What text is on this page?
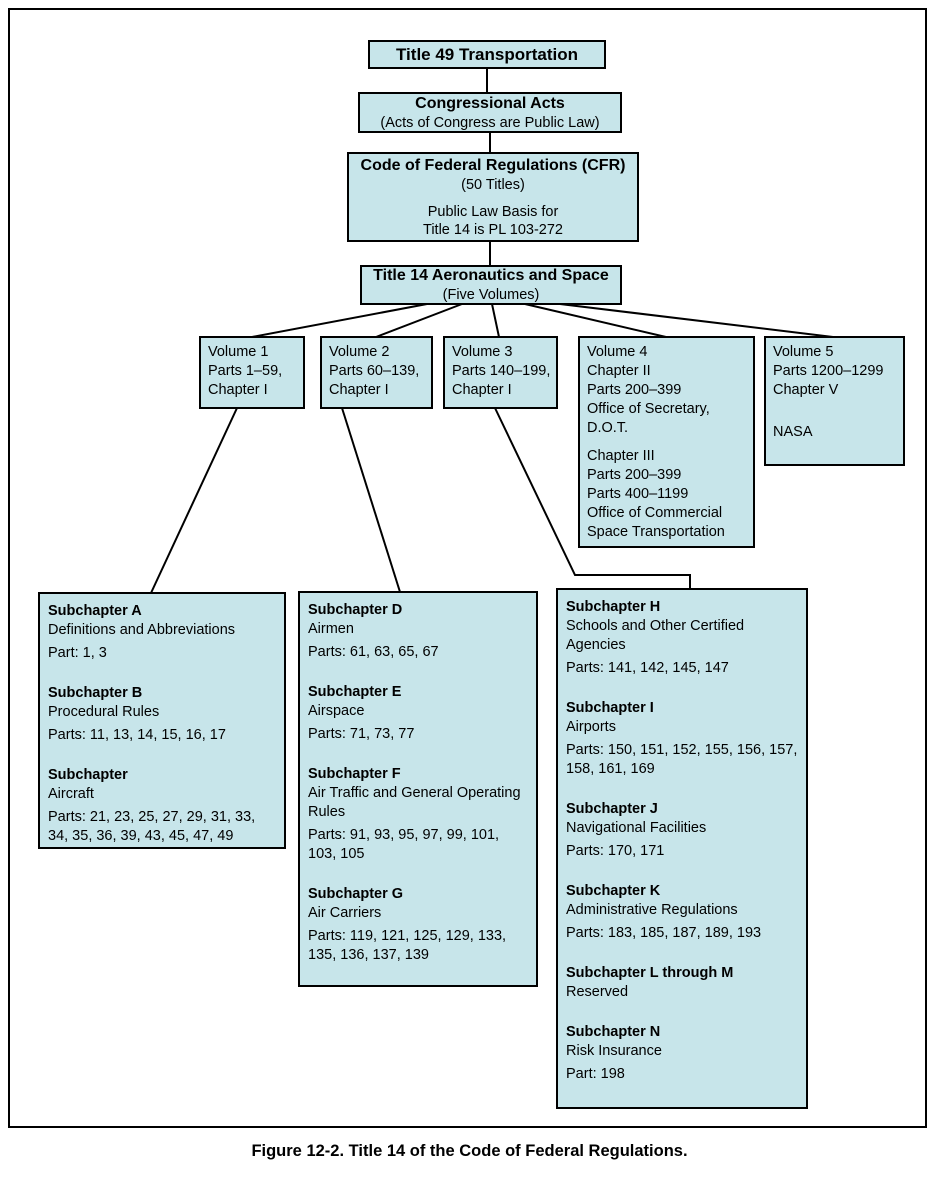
Title 49 Transportation
Congressional Acts
(Acts of Congress are Public Law)
Code of Federal Regulations (CFR)
(50 Titles)
Public Law Basis for
Title 14 is PL 103-272
Title 14 Aeronautics and Space
(Five Volumes)
Volume 1
Parts 1–59,
Chapter I
Volume 2
Parts 60–139,
Chapter I
Volume 3
Parts 140–199,
Chapter I
Volume 4
Chapter II
Parts 200–399
Office of Secretary,
D.O.T.
Chapter III
Parts 200–399
Parts 400–1199
Office of Commercial
Space Transportation
Volume 5
Parts 1200–1299
Chapter V
NASA
Subchapter A
Definitions and Abbreviations
Part: 1, 3
Subchapter B
Procedural Rules
Parts: 11, 13, 14, 15, 16, 17
Subchapter
Aircraft
Parts: 21, 23, 25, 27, 29, 31, 33, 34, 35, 36, 39, 43, 45, 47, 49
Subchapter D
Airmen
Parts: 61, 63, 65, 67
Subchapter E
Airspace
Parts: 71, 73, 77
Subchapter F
Air Traffic and General Operating Rules
Parts: 91, 93, 95, 97, 99, 101, 103, 105
Subchapter G
Air Carriers
Parts: 119, 121, 125, 129, 133, 135, 136, 137, 139
Subchapter H
Schools and Other Certified Agencies
Parts: 141, 142, 145, 147
Subchapter I
Airports
Parts: 150, 151, 152, 155, 156, 157, 158, 161, 169
Subchapter J
Navigational Facilities
Parts: 170, 171
Subchapter K
Administrative Regulations
Parts: 183, 185, 187, 189, 193
Subchapter L through M
Reserved
Subchapter N
Risk Insurance
Part: 198
Figure 12-2. Title 14 of the Code of Federal Regulations.
